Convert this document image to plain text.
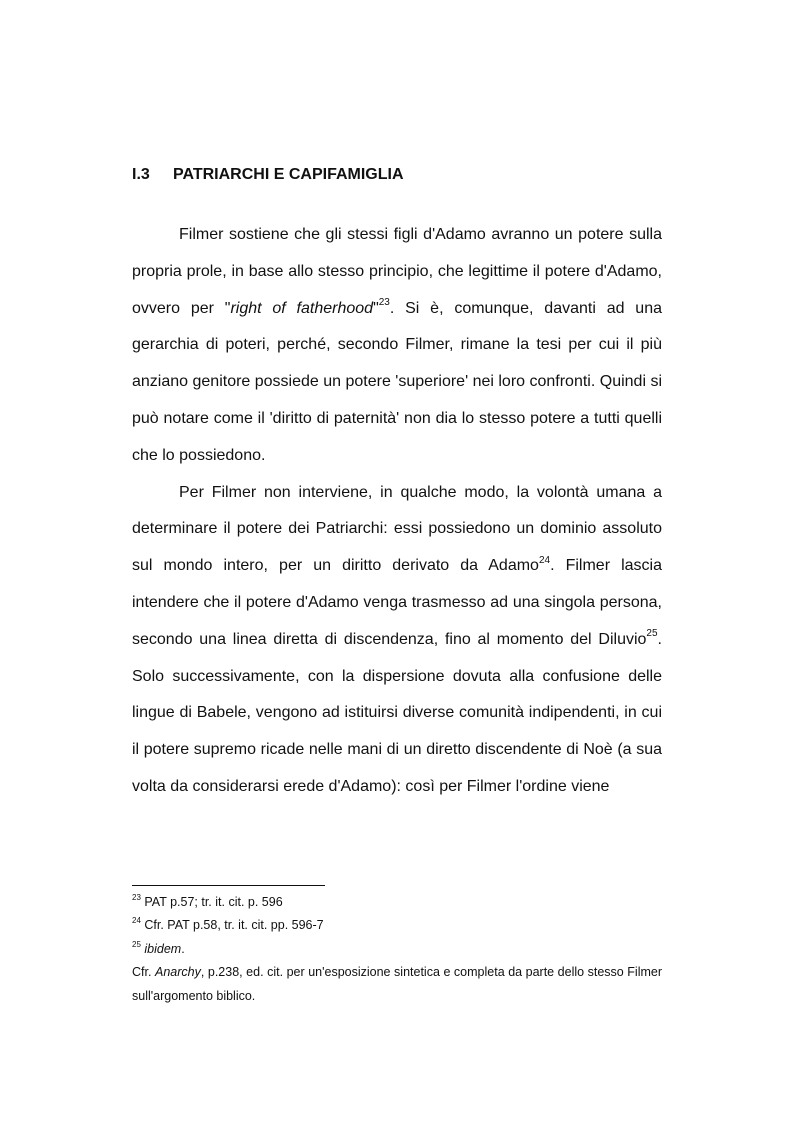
I.3 PATRIARCHI E CAPIFAMIGLIA

Filmer sostiene che gli stessi figli d'Adamo avranno un potere sulla propria prole, in base allo stesso principio, che legittime il potere d'Adamo, ovvero per "right of fatherhood"$^{23}$. Si è, comunque, davanti ad una gerarchia di poteri, perché, secondo Filmer, rimane la tesi per cui il più anziano genitore possiede un potere 'superiore' nei loro confronti. Quindi si può notare come il 'diritto di paternità' non dia lo stesso potere a tutti quelli che lo possiedono.

Per Filmer non interviene, in qualche modo, la volontà umana a determinare il potere dei Patriarchi: essi possiedono un dominio assoluto sul mondo intero, per un diritto derivato da Adamo$^{24}$. Filmer lascia intendere che il potere d'Adamo venga trasmesso ad una singola persona, secondo una linea diretta di discendenza, fino al momento del Diluvio$^{25}$. Solo successivamente, con la dispersione dovuta alla confusione delle lingue di Babele, vengono ad istituirsi diverse comunità indipendenti, in cui il potere supremo ricade nelle mani di un diretto discendente di Noè (a sua volta da considerarsi erede d'Adamo): così per Filmer l'ordine viene

$^{23}$ PAT p.57; tr. it. cit. p. 596
$^{24}$ Cfr. PAT p.58, tr. it. cit. pp. 596-7
$^{25}$ ibidem.
Cfr. Anarchy, p.238, ed. cit. per un'esposizione sintetica e completa da parte dello stesso Filmer sull'argomento biblico.
